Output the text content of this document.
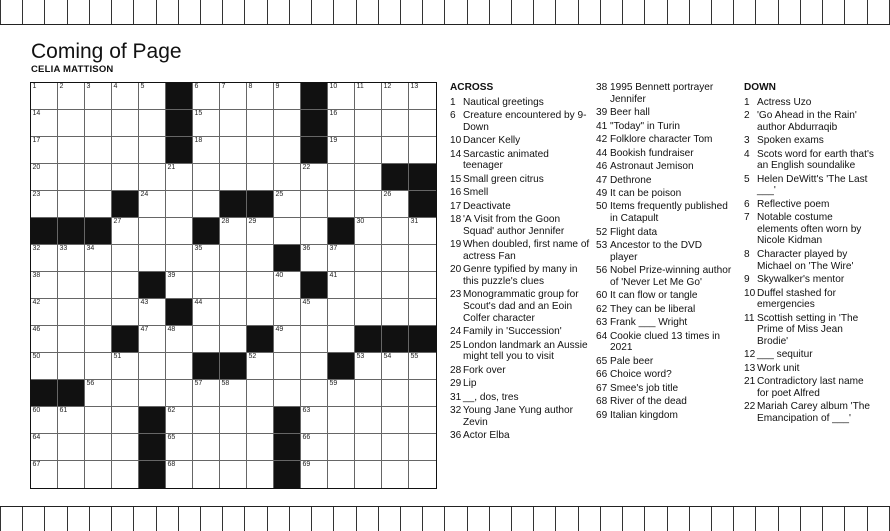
Coming of Page
CELIA MATTISON
1	2	3	4	5	6	7	8	9	10	11	12	13
14	15	16
17	18	19
20	21	22
23	24	25	26
27	28	29	30	31
32	33	34	35	36	37
38	39	40	41
42	43	44	45
46	47	48	49
50	51	52	53	54	55
56	57	58	59
60	61	62	63
64	65	66
67	68	69
ACROSS
1 Nautical greetings
6 Creature encountered by 9-Down
10 Dancer Kelly
14 Sarcastic animated teenager
15 Small green citrus
16 Smell
17 Deactivate
18 'A Visit from the Goon Squad' author Jennifer
19 When doubled, first name of actress Fan
20 Genre typified by many in this puzzle's clues
23 Monogrammatic group for Scout's dad and an Eoin Colfer character
24 Family in 'Succession'
25 London landmark an Aussie might tell you to visit
28 Fork over
29 Lip
31 __, dos, tres
32 Young Jane Yung author Zevin
36 Actor Elba
38 1995 Bennett portrayer Jennifer
39 Beer hall
41 "Today" in Turin
42 Folklore character Tom
44 Bookish fundraiser
46 Astronaut Jemison
47 Dethrone
49 It can be poison
50 Items frequently published in Catapult
52 Flight data
53 Ancestor to the DVD player
56 Nobel Prize-winning author of 'Never Let Me Go'
60 It can flow or tangle
62 They can be liberal
63 Frank ___ Wright
64 Cookie clued 13 times in 2021
65 Pale beer
66 Choice word?
67 Smee's job title
68 River of the dead
69 Italian kingdom
DOWN
1 Actress Uzo
2 'Go Ahead in the Rain' author Abdurraqib
3 Spoken exams
4 Scots word for earth that's an English soundalike
5 Helen DeWitt's 'The Last ___'
6 Reflective poem
7 Notable costume elements often worn by Nicole Kidman
8 Character played by Michael on 'The Wire'
9 Skywalker's mentor
10 Duffel stashed for emergencies
11 Scottish setting in 'The Prime of Miss Jean Brodie'
12 ___ sequitur
13 Work unit
21 Contradictory last name for poet Alfred
22 Mariah Carey album 'The Emancipation of ___'
